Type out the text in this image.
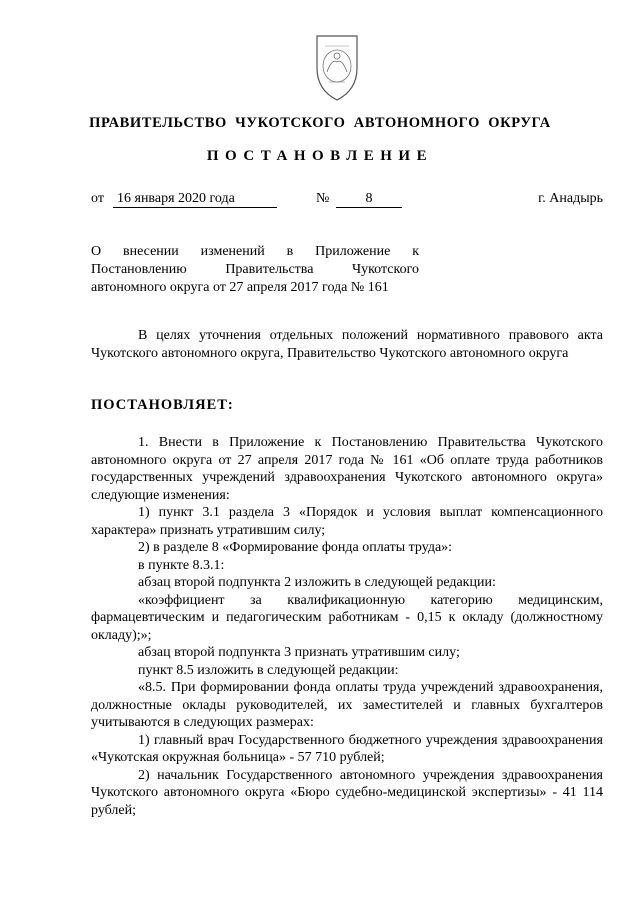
ПРАВИТЕЛЬСТВО ЧУКОТСКОГО АВТОНОМНОГО ОКРУГА
ПОСТАНОВЛЕНИЕ
от 16 января 2020 года	№	8	г. Анадырь
О внесении изменений в Приложение к Постановлению Правительства Чукотского автономного округа от 27 апреля 2017 года № 161

В целях уточнения отдельных положений нормативного правового акта Чукотского автономного округа, Правительство Чукотского автономного округа

ПОСТАНОВЛЯЕТ:

1. Внести в Приложение к Постановлению Правительства Чукотского автономного округа от 27 апреля 2017 года № 161 «Об оплате труда работников государственных учреждений здравоохранения Чукотского автономного округа» следующие изменения:

1) пункт 3.1 раздела 3 «Порядок и условия выплат компенсационного характера» признать утратившим силу;

2) в разделе 8 «Формирование фонда оплаты труда»:

в пункте 8.3.1:

абзац второй подпункта 2 изложить в следующей редакции:

«коэффициент за квалификационную категорию медицинским, фармацевтическим и педагогическим работникам - 0,15 к окладу (должностному окладу);»;

абзац второй подпункта 3 признать утратившим силу;

пункт 8.5 изложить в следующей редакции:

«8.5. При формировании фонда оплаты труда учреждений здравоохранения, должностные оклады руководителей, их заместителей и главных бухгалтеров учитываются в следующих размерах:

1) главный врач Государственного бюджетного учреждения здравоохранения «Чукотская окружная больница» - 57 710 рублей;

2) начальник Государственного автономного учреждения здравоохранения Чукотского автономного округа «Бюро судебно-медицинской экспертизы» - 41 114 рублей;
